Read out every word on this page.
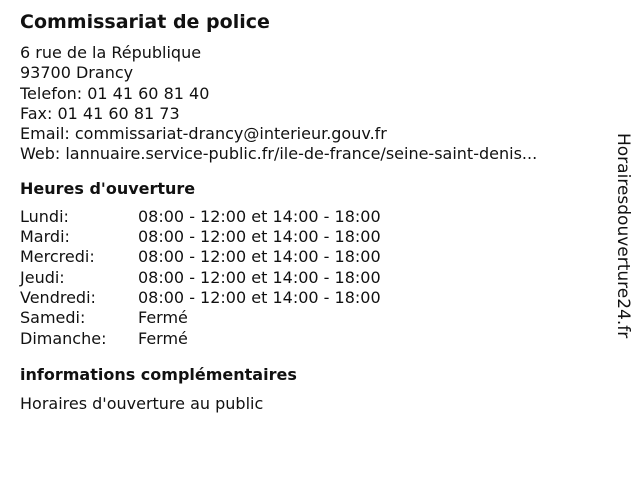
Commissariat de police
6 rue de la République
93700 Drancy
Telefon: 01 41 60 81 40
Fax: 01 41 60 81 73
Email: commissariat-drancy@interieur.gouv.fr
Web: lannuaire.service-public.fr/ile-de-france/seine-saint-denis...
Heures d'ouverture
Lundi:	08:00 - 12:00 et 14:00 - 18:00
Mardi:	08:00 - 12:00 et 14:00 - 18:00
Mercredi:	08:00 - 12:00 et 14:00 - 18:00
Jeudi:	08:00 - 12:00 et 14:00 - 18:00
Vendredi:	08:00 - 12:00 et 14:00 - 18:00
Samedi:	Fermé
Dimanche:	Fermé
informations complémentaires
Horaires d'ouverture au public
Horairesdouverture24.fr
